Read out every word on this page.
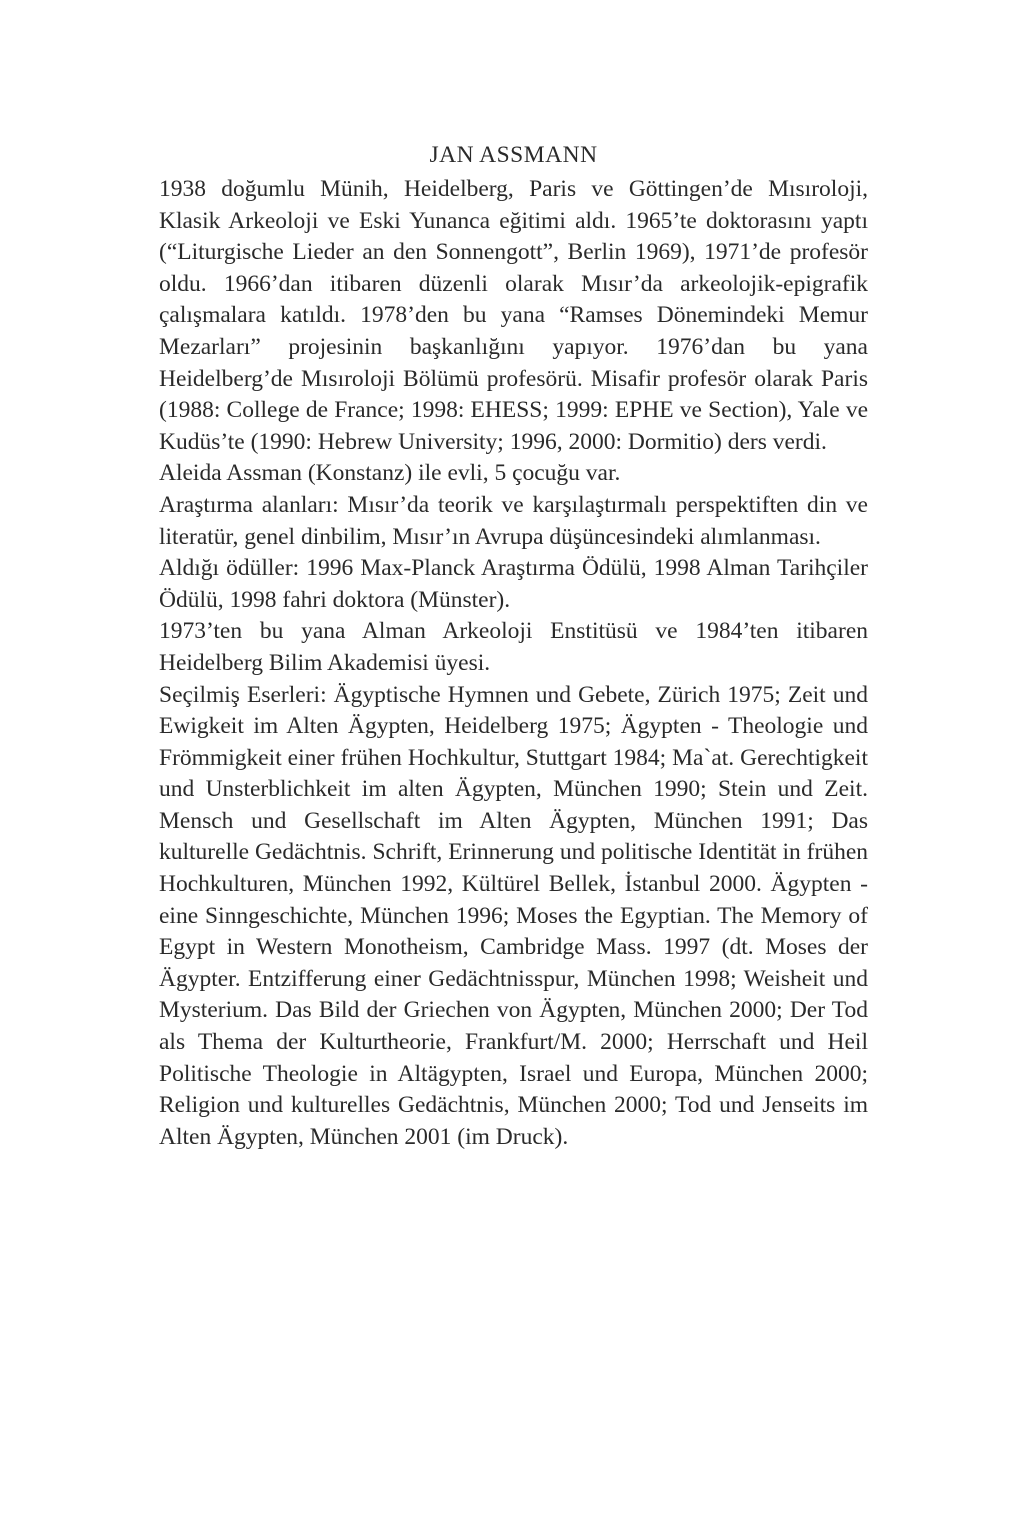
JAN ASSMANN

1938 doğumlu Münih, Heidelberg, Paris ve Göttingen’de Mısıroloji, Klasik Arkeoloji ve Eski Yunanca eğitimi aldı. 1965’te doktorasını yaptı (“Liturgische Lieder an den Sonnengott”, Berlin 1969), 1971’de profesör oldu. 1966’dan itibaren düzenli olarak Mısır’da arkeolojik-epigrafik çalışmalara katıldı. 1978’den bu yana “Ramses Dönemindeki Memur Mezarları” projesinin başkanlığını yapıyor. 1976’dan bu yana Heidelberg’de Mısıroloji Bölümü profesörü. Misafir profesör olarak Paris (1988: College de France; 1998: EHESS; 1999: EPHE ve Section), Yale ve Kudüs’te (1990: Hebrew University; 1996, 2000: Dormitio) ders verdi.

Aleida Assman (Konstanz) ile evli, 5 çocuğu var.

Araştırma alanları: Mısır’da teorik ve karşılaştırmalı perspektiften din ve literatür, genel dinbilim, Mısır’ın Avrupa düşüncesindeki alımlanması.

Aldığı ödüller: 1996 Max-Planck Araştırma Ödülü, 1998 Alman Tarihçiler Ödülü, 1998 fahri doktora (Münster).

1973’ten bu yana Alman Arkeoloji Enstitüsü ve 1984’ten itibaren Heidelberg Bilim Akademisi üyesi.

Seçilmiş Eserleri: Ägyptische Hymnen und Gebete, Zürich 1975; Zeit und Ewigkeit im Alten Ägypten, Heidelberg 1975; Ägypten - Theologie und Frömmigkeit einer frühen Hochkultur, Stuttgart 1984; Ma`at. Gerechtigkeit und Unsterblichkeit im alten Ägypten, München 1990; Stein und Zeit. Mensch und Gesellschaft im Alten Ägypten, München 1991; Das kulturelle Gedächtnis. Schrift, Erinnerung und politische Identität in frühen Hochkulturen, München 1992, Kültürel Bellek, İstanbul 2000. Ägypten - eine Sinngeschichte, München 1996; Moses the Egyptian. The Memory of Egypt in Western Monotheism, Cambridge Mass. 1997 (dt. Moses der Ägypter. Entzifferung einer Gedächtnisspur, München 1998; Weisheit und Mysterium. Das Bild der Griechen von Ägypten, München 2000; Der Tod als Thema der Kulturtheorie, Frankfurt/M. 2000; Herrschaft und Heil Politische Theologie in Altägypten, Israel und Europa, München 2000; Religion und kulturelles Gedächtnis, München 2000; Tod und Jenseits im Alten Ägypten, München 2001 (im Druck).
